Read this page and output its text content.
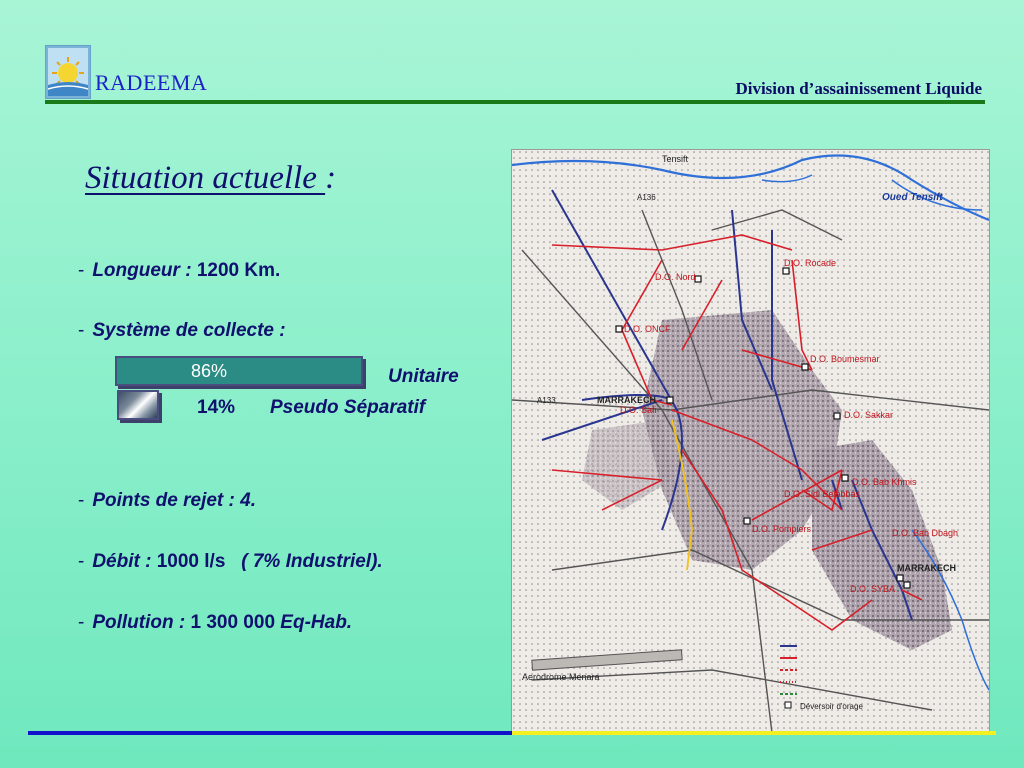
RADEEMA	Division d’assainissement Liquide
Situation actuelle :
- Longueur : 1200 Km.
- Système de collecte :
86%	Unitaire
14% Pseudo Séparatif
- Points de rejet : 4.
- Débit : 1000 l/s ( 7% Industriel).
- Pollution : 1 300 000 Eq-Hab.
Oued Tensift
Tensift
A136
A133
D.O. Rocade
D.O. Nord
D.O. ONCF
D.O. Boumesmar
MARRAKECH
D.O. Safi	D.O. Sakkar
D.O. Bab Khmis
D.O. Sidi Belabbas
D.O. Pompiers	D.O. Bab Dbagh
MARRAKECH
D.O. SYBA
Aerodrome Menara
Déversoir d'orage
